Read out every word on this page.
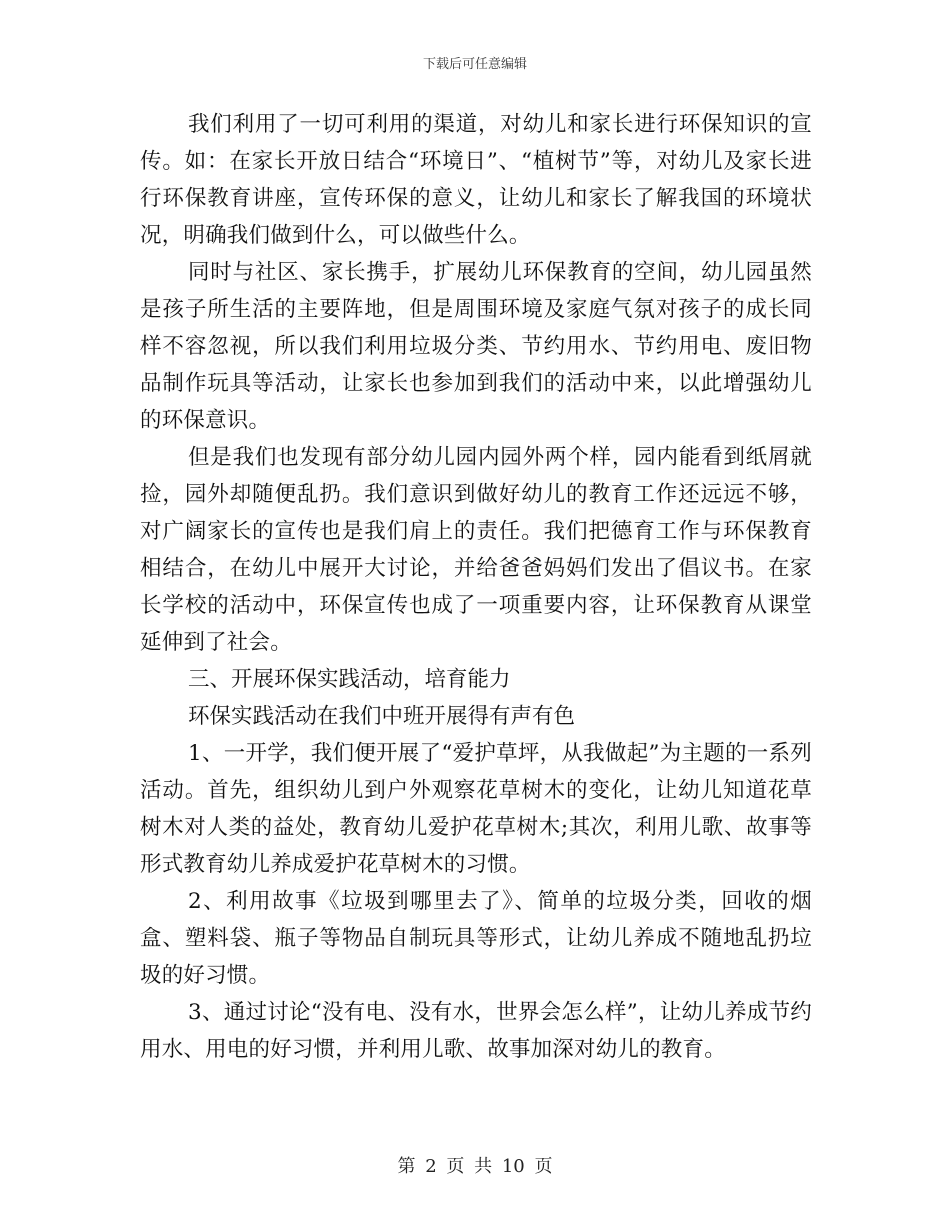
下载后可任意编辑

我们利用了一切可利用的渠道，对幼儿和家长进行环保知识的宣传。如：在家长开放日结合“环境日”、“植树节”等，对幼儿及家长进行环保教育讲座，宣传环保的意义，让幼儿和家长了解我国的环境状况，明确我们做到什么，可以做些什么。

同时与社区、家长携手，扩展幼儿环保教育的空间，幼儿园虽然是孩子所生活的主要阵地，但是周围环境及家庭气氛对孩子的成长同样不容忽视，所以我们利用垃圾分类、节约用水、节约用电、废旧物品制作玩具等活动，让家长也参加到我们的活动中来，以此增强幼儿的环保意识。

但是我们也发现有部分幼儿园内园外两个样，园内能看到纸屑就捡，园外却随便乱扔。我们意识到做好幼儿的教育工作还远远不够，对广阔家长的宣传也是我们肩上的责任。我们把德育工作与环保教育相结合，在幼儿中展开大讨论，并给爸爸妈妈们发出了倡议书。在家长学校的活动中，环保宣传也成了一项重要内容，让环保教育从课堂延伸到了社会。

三、开展环保实践活动，培育能力

环保实践活动在我们中班开展得有声有色

1、一开学，我们便开展了“爱护草坪，从我做起”为主题的一系列活动。首先，组织幼儿到户外观察花草树木的变化，让幼儿知道花草树木对人类的益处，教育幼儿爱护花草树木;其次，利用儿歌、故事等形式教育幼儿养成爱护花草树木的习惯。

2、利用故事《垃圾到哪里去了》、简单的垃圾分类，回收的烟盒、塑料袋、瓶子等物品自制玩具等形式，让幼儿养成不随地乱扔垃圾的好习惯。

3、通过讨论“没有电、没有水，世界会怎么样”，让幼儿养成节约用水、用电的好习惯，并利用儿歌、故事加深对幼儿的教育。

第 2 页 共 10 页
